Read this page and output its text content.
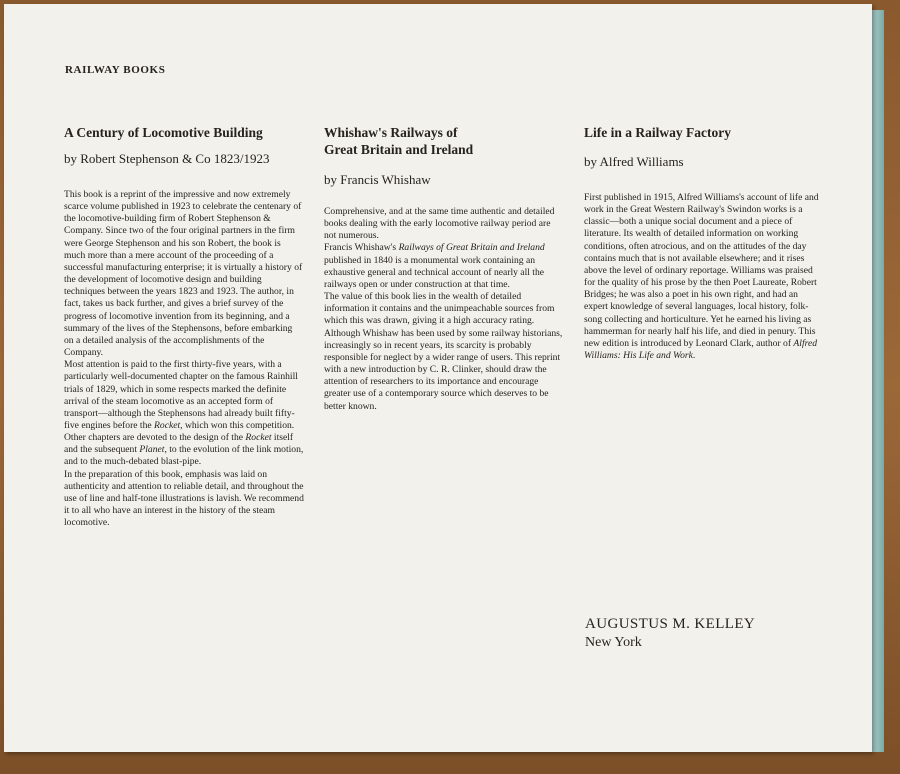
RAILWAY BOOKS
A Century of Locomotive Building
by Robert Stephenson & Co 1823/1923

This book is a reprint of the impressive and now extremely scarce volume published in 1923 to celebrate the centenary of the locomotive-building firm of Robert Stephenson & Company. Since two of the four original partners in the firm were George Stephenson and his son Robert, the book is much more than a mere account of the proceeding of a successful manufacturing enterprise; it is virtually a history of the development of locomotive design and building techniques between the years 1823 and 1923. The author, in fact, takes us back further, and gives a brief survey of the progress of locomotive invention from its beginning, and a summary of the lives of the Stephensons, before embarking on a detailed analysis of the accomplishments of the Company.

Most attention is paid to the first thirty-five years, with a particularly well-documented chapter on the famous Rainhill trials of 1829, which in some respects marked the definite arrival of the steam locomotive as an accepted form of transport—although the Stephensons had already built fifty-five engines before the Rocket, which won this competition. Other chapters are devoted to the design of the Rocket itself and the subsequent Planet, to the evolution of the link motion, and to the much-debated blast-pipe.

In the preparation of this book, emphasis was laid on authenticity and attention to reliable detail, and throughout the use of line and half-tone illustrations is lavish. We recommend it to all who have an interest in the history of the steam locomotive.

Whishaw's Railways of
Great Britain and Ireland
by Francis Whishaw

Comprehensive, and at the same time authentic and detailed books dealing with the early locomotive railway period are not numerous.

Francis Whishaw's Railways of Great Britain and Ireland published in 1840 is a monumental work containing an exhaustive general and technical account of nearly all the railways open or under construction at that time.

The value of this book lies in the wealth of detailed information it contains and the unimpeachable sources from which this was drawn, giving it a high accuracy rating.

Although Whishaw has been used by some railway historians, increasingly so in recent years, its scarcity is probably responsible for neglect by a wider range of users. This reprint with a new introduction by C. R. Clinker, should draw the attention of researchers to its importance and encourage greater use of a contemporary source which deserves to be better known.

Life in a Railway Factory
by Alfred Williams

First published in 1915, Alfred Williams's account of life and work in the Great Western Railway's Swindon works is a classic—both a unique social document and a piece of literature. Its wealth of detailed information on working conditions, often atrocious, and on the attitudes of the day contains much that is not available elsewhere; and it rises above the level of ordinary reportage. Williams was praised for the quality of his prose by the then Poet Laureate, Robert Bridges; he was also a poet in his own right, and had an expert knowledge of several languages, local history, folk-song collecting and horticulture. Yet he earned his living as hammerman for nearly half his life, and died in penury. This new edition is introduced by Leonard Clark, author of Alfred Williams: His Life and Work.

AUGUSTUS M. KELLEY
New York
